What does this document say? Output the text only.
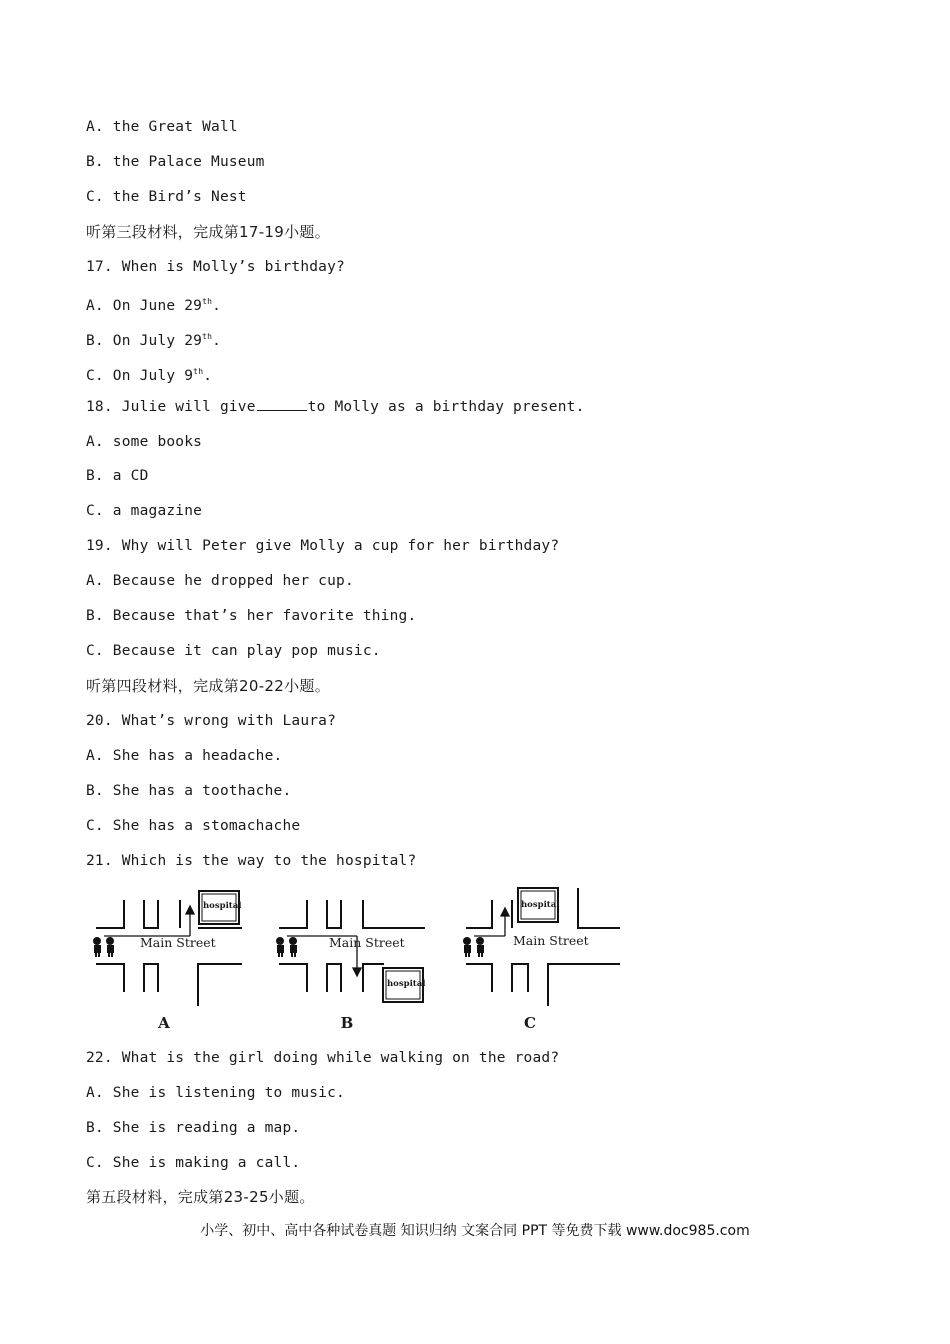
A. the Great Wall
B. the Palace Museum
C. the Bird’s Nest
听第三段材料，完成第17-19小题。
17. When is Molly’s birthday?
A. On June 29th.
B. On July 29th.
C. On July 9th.
18. Julie will give	to Molly as a birthday present.
A. some books
B. a CD
C. a magazine
19. Why will Peter give Molly a cup for her birthday?
A. Because he dropped her cup.
B. Because that’s her favorite thing.
C. Because it can play pop music.
听第四段材料，完成第20-22小题。
20. What’s wrong with Laura?
A. She has a headache.
B. She has a toothache.
C. She has a stomachache
21. Which is the way to the hospital?
Main Street
hospital
A
Main Street
hospital
B
Main Street
hospital
C
22. What is the girl doing while walking on the road?
A. She is listening to music.
B. She is reading a map.
C. She is making a call.
第五段材料，完成第23-25小题。
小学、初中、高中各种试卷真题 知识归纳 文案合同 PPT 等免费下载 www.doc985.com
